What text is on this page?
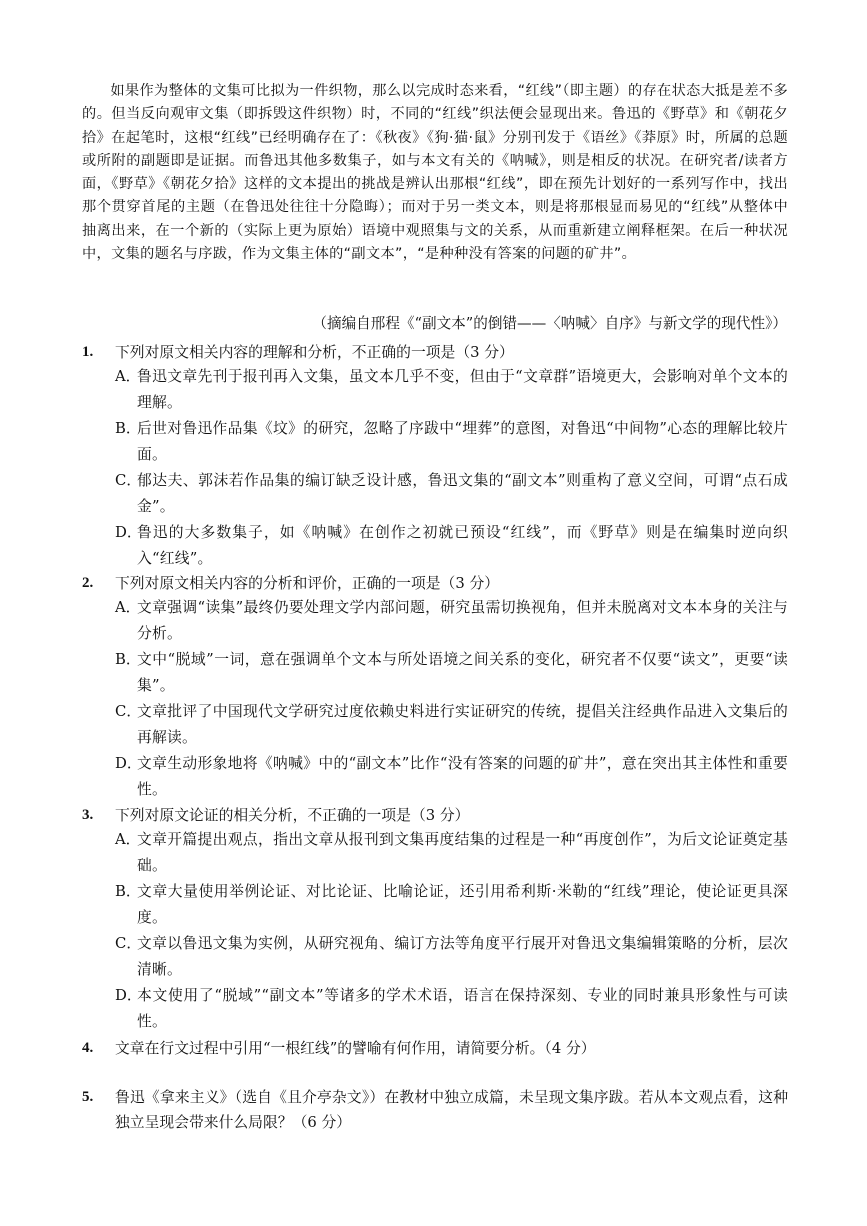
如果作为整体的文集可比拟为一件织物，那么以完成时态来看，“红线”（即主题）的存在状态大抵是差不多的。但当反向观审文集（即拆毁这件织物）时，不同的“红线”织法便会显现出来。鲁迅的《野草》和《朝花夕拾》在起笔时，这根“红线”已经明确存在了：《秋夜》《狗·猫·鼠》分别刊发于《语丝》《莽原》时，所属的总题或所附的副题即是证据。而鲁迅其他多数集子，如与本文有关的《呐喊》，则是相反的状况。在研究者/读者方面，《野草》《朝花夕拾》这样的文本提出的挑战是辨认出那根“红线”，即在预先计划好的一系列写作中，找出那个贯穿首尾的主题（在鲁迅处往往十分隐晦）；而对于另一类文本，则是将那根显而易见的“红线”从整体中抽离出来，在一个新的（实际上更为原始）语境中观照集与文的关系，从而重新建立阐释框架。在后一种状况中，文集的题名与序跋，作为文集主体的“副文本”，“是种种没有答案的问题的矿井”。

（摘编自邢程《“副文本”的倒错——〈呐喊〉自序》与新文学的现代性》）
1.	下列对原文相关内容的理解和分析，不正确的一项是（3 分）
A．
鲁迅文章先刊于报刊再入文集，虽文本几乎不变，但由于“文章群”语境更大，会影响对单个文本的理解。
B．
后世对鲁迅作品集《坟》的研究，忽略了序跋中“埋葬”的意图，对鲁迅“中间物”心态的理解比较片面。
C．
郁达夫、郭沫若作品集的编订缺乏设计感，鲁迅文集的“副文本”则重构了意义空间，可谓“点石成金”。
D．
鲁迅的大多数集子，如《呐喊》在创作之初就已预设“红线”，而《野草》则是在编集时逆向织入“红线”。
2.	下列对原文相关内容的分析和评价，正确的一项是（3 分）
A．
文章强调“读集”最终仍要处理文学内部问题，研究虽需切换视角，但并未脱离对文本本身的关注与分析。
B．
文中“脱域”一词，意在强调单个文本与所处语境之间关系的变化，研究者不仅要“读文”，更要“读集”。
C．
文章批评了中国现代文学研究过度依赖史料进行实证研究的传统，提倡关注经典作品进入文集后的再解读。
D．
文章生动形象地将《呐喊》中的“副文本”比作“没有答案的问题的矿井”，意在突出其主体性和重要性。
3.	下列对原文论证的相关分析，不正确的一项是（3 分）
A．
文章开篇提出观点，指出文章从报刊到文集再度结集的过程是一种“再度创作”，为后文论证奠定基础。
B．
文章大量使用举例论证、对比论证、比喻论证，还引用希利斯·米勒的“红线”理论，使论证更具深度。
C．
文章以鲁迅文集为实例，从研究视角、编订方法等角度平行展开对鲁迅文集编辑策略的分析，层次清晰。
D．
本文使用了“脱域”“副文本”等诸多的学术术语，语言在保持深刻、专业的同时兼具形象性与可读性。
4.	文章在行文过程中引用“一根红线”的譬喻有何作用，请简要分析。（4 分）
5.	鲁迅《拿来主义》（选自《且介亭杂文》）在教材中独立成篇，未呈现文集序跋。若从本文观点看，这种独立呈现会带来什么局限？（6 分）
